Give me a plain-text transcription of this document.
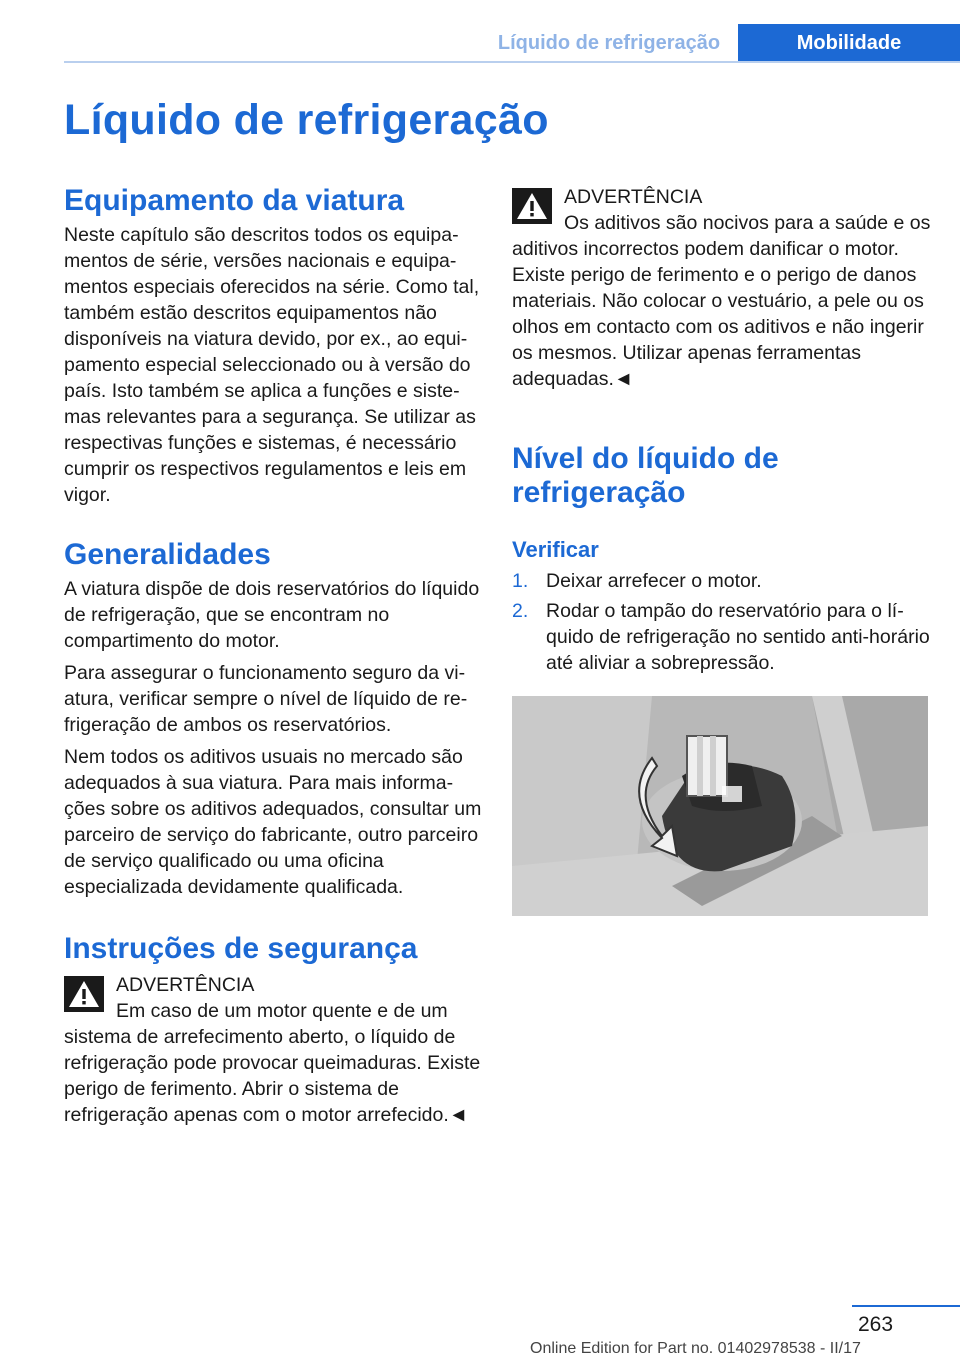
Líquido de refrigeração	Mobilidade
Líquido de refrigeração
Equipamento da viatura

Neste capítulo são descritos todos os equipamentos de série, versões nacionais e equipamentos especiais oferecidos na série. Como tal, também estão descritos equipamentos não disponíveis na viatura devido, por ex., ao equipamento especial seleccionado ou à versão do país. Isto também se aplica a funções e sistemas relevantes para a segurança. Se utilizar as respectivas funções e sistemas, é necessário cumprir os respectivos regulamentos e leis em vigor.

Generalidades

A viatura dispõe de dois reservatórios do líquido de refrigeração, que se encontram no compartimento do motor.

Para assegurar o funcionamento seguro da viatura, verificar sempre o nível de líquido de refrigeração de ambos os reservatórios.

Nem todos os aditivos usuais no mercado são adequados à sua viatura. Para mais informações sobre os aditivos adequados, consultar um parceiro de serviço do fabricante, outro parceiro de serviço qualificado ou uma oficina especializada devidamente qualificada.

Instruções de segurança
ADVERTÊNCIA
Em caso de um motor quente e de um sistema de arrefecimento aberto, o líquido de refrigeração pode provocar queimaduras. Existe perigo de ferimento. Abrir o sistema de refrigeração apenas com o motor arrefecido.◄
ADVERTÊNCIA
Os aditivos são nocivos para a saúde e os aditivos incorrectos podem danificar o motor. Existe perigo de ferimento e o perigo de danos materiais. Não colocar o vestuário, a pele ou os olhos em contacto com os aditivos e não ingerir os mesmos. Utilizar apenas ferramentas adequadas.◄
Nível do líquido de refrigeração
Verificar
1. Deixar arrefecer o motor.
2. Rodar o tampão do reservatório para o líquido de refrigeração no sentido anti-horário até aliviar a sobrepressão.
263
Online Edition for Part no. 01402978538 - II/17
